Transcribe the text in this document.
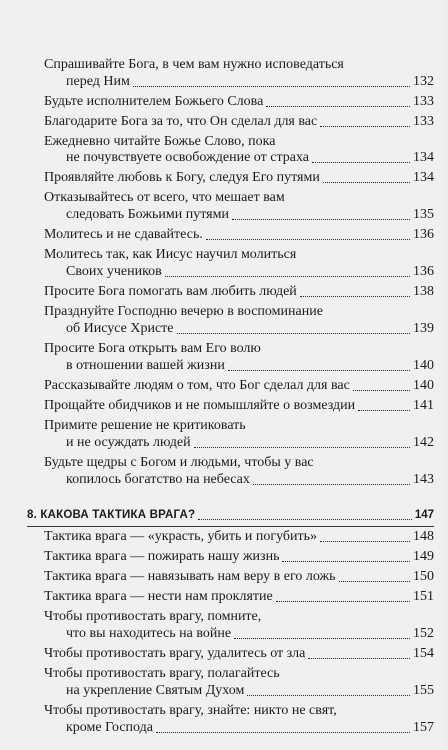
Спрашивайте Бога, в чем вам нужно исповедаться
перед Ним	132
Будьте исполнителем Божьего Слова	133
Благодарите Бога за то, что Он сделал для вас	133
Ежедневно читайте Божье Слово, пока
не почувствуете освобождение от страха	134
Проявляйте любовь к Богу, следуя Его путями	134
Отказывайтесь от всего, что мешает вам
следовать Божьими путями	135
Молитесь и не сдавайтесь.	136
Молитесь так, как Иисус научил молиться
Своих учеников	136
Просите Бога помогать вам любить людей	138
Празднуйте Господню вечерю в воспоминание
об Иисусе Христе	139
Просите Бога открыть вам Его волю
в отношении вашей жизни	140
Рассказывайте людям о том, что Бог сделал для вас	140
Прощайте обидчиков и не помышляйте о возмездии	141
Примите решение не критиковать
и не осуждать людей	142
Будьте щедры с Богом и людьми, чтобы у вас
копилось богатство на небесах	143
8. КАКОВА ТАКТИКА ВРАГА?	147
Тактика врага — «украсть, убить и погубить»	148
Тактика врага — пожирать нашу жизнь	149
Тактика врага — навязывать нам веру в его ложь	150
Тактика врага — нести нам проклятие	151
Чтобы противостать врагу, помните,
что вы находитесь на войне	152
Чтобы противостать врагу, удалитесь от зла	154
Чтобы противостать врагу, полагайтесь
на укрепление Святым Духом	155
Чтобы противостать врагу, знайте: никто не свят,
кроме Господа	157
